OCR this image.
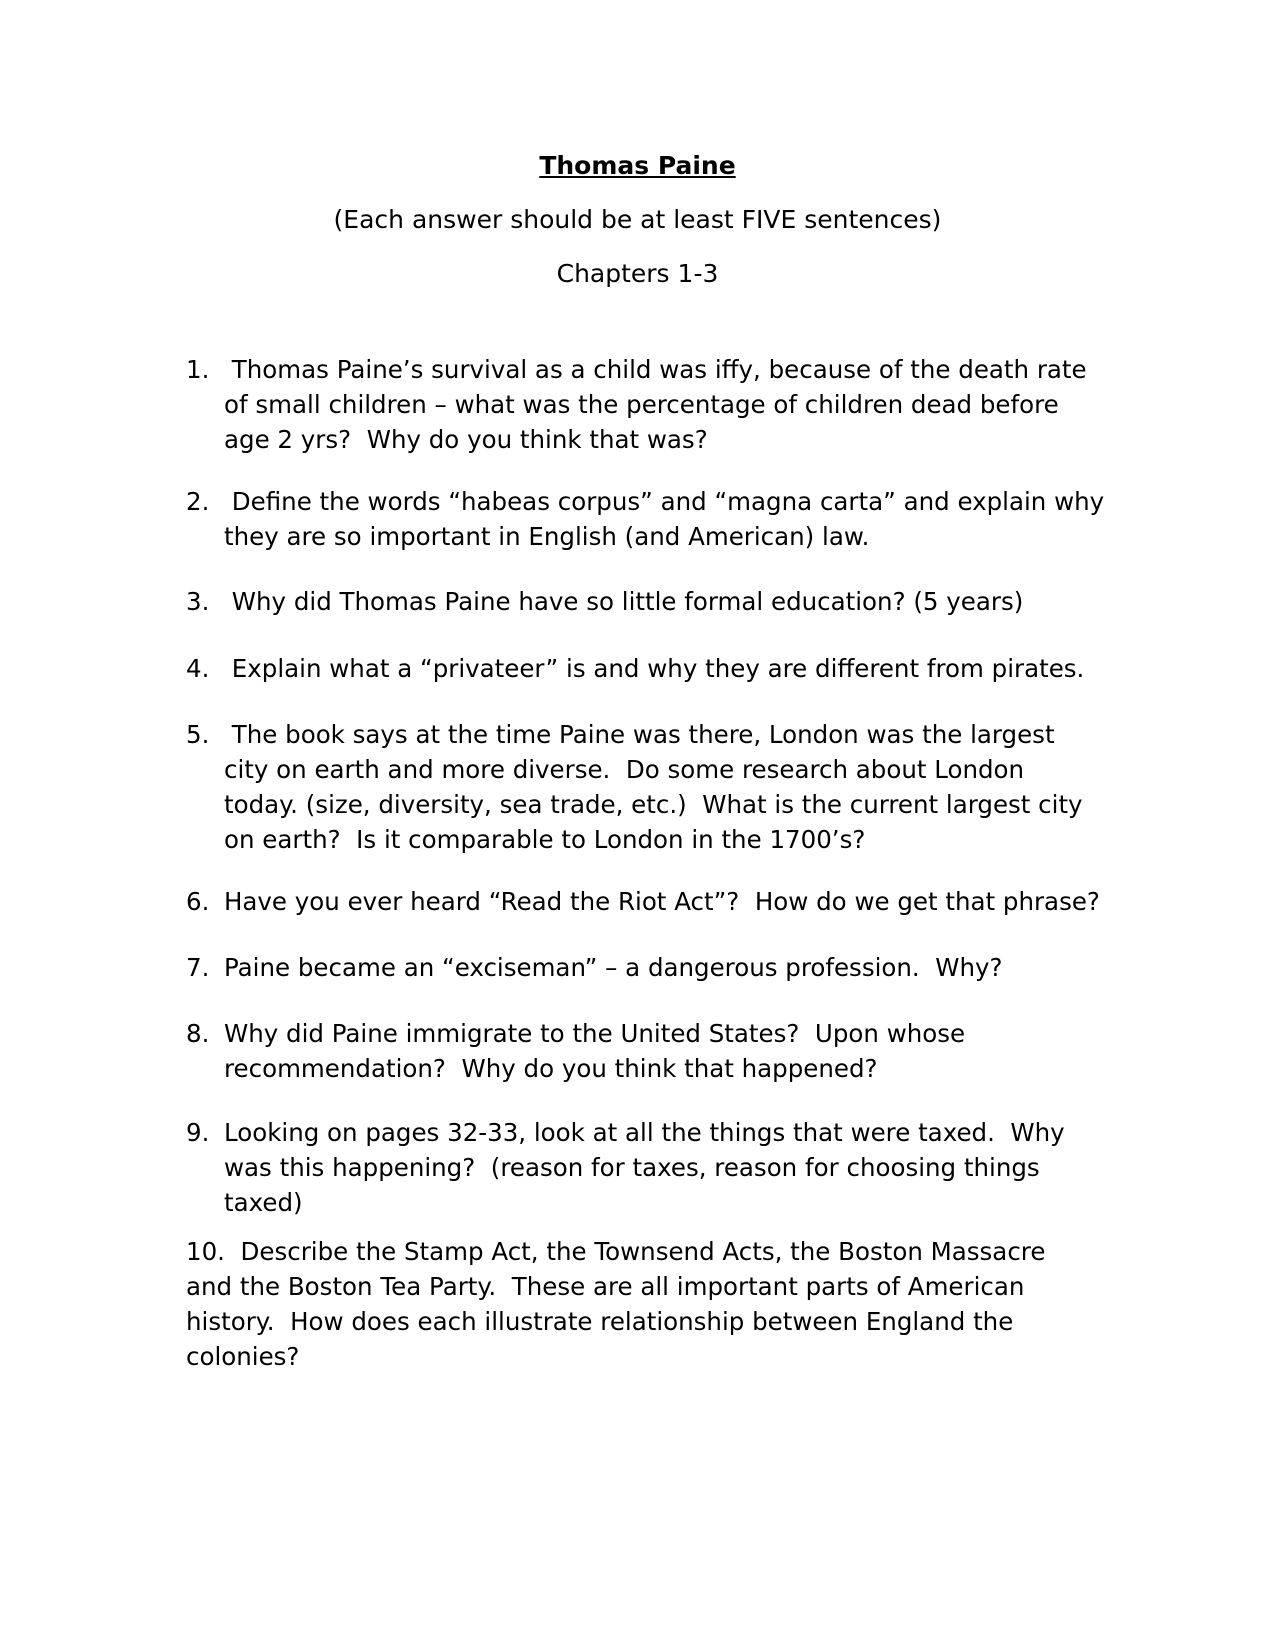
Thomas Paine

(Each answer should be at least FIVE sentences)

Chapters 1-3

1. Thomas Paine’s survival as a child was iffy, because of the death rate
of small children – what was the percentage of children dead before
age 2 yrs?  Why do you think that was?
2. Define the words “habeas corpus” and “magna carta” and explain why
they are so important in English (and American) law.
3. Why did Thomas Paine have so little formal education? (5 years)
4. Explain what a “privateer” is and why they are different from pirates.
5. The book says at the time Paine was there, London was the largest
city on earth and more diverse.  Do some research about London
today. (size, diversity, sea trade, etc.)  What is the current largest city
on earth?  Is it comparable to London in the 1700’s?
6. Have you ever heard “Read the Riot Act”?  How do we get that phrase?
7. Paine became an “exciseman” – a dangerous profession.  Why?
8. Why did Paine immigrate to the United States?  Upon whose
recommendation?  Why do you think that happened?
9. Looking on pages 32-33, look at all the things that were taxed.  Why
was this happening?  (reason for taxes, reason for choosing things
taxed)

10.  Describe the Stamp Act, the Townsend Acts, the Boston Massacre
and the Boston Tea Party.  These are all important parts of American
history.  How does each illustrate relationship between England the
colonies?
